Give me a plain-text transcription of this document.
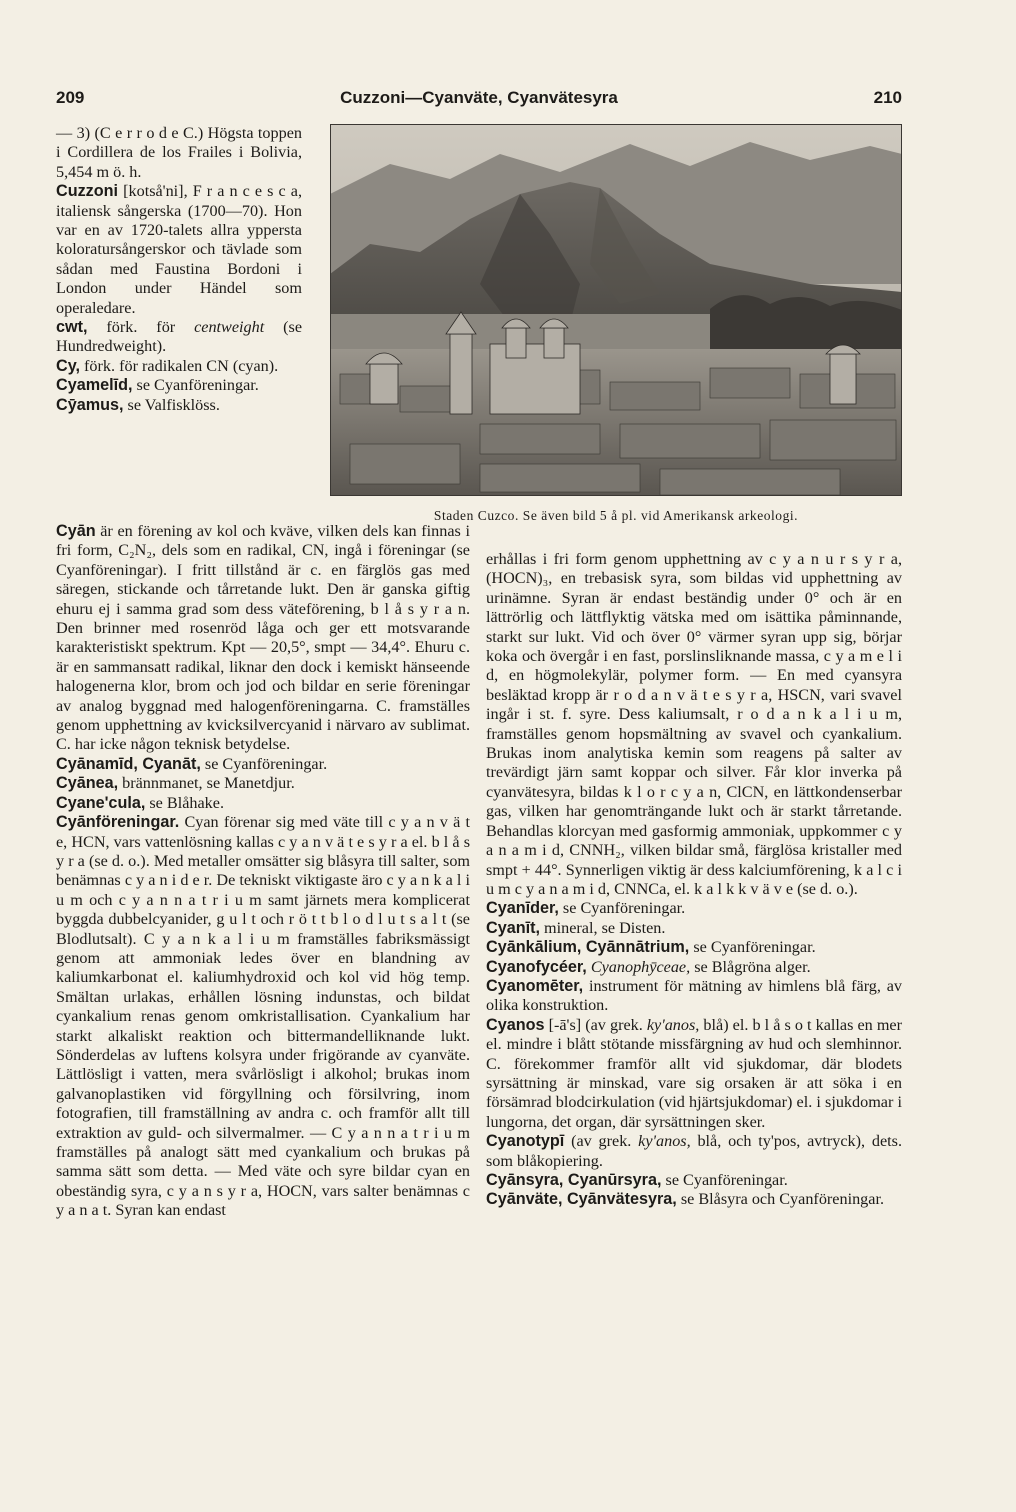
209	Cuzzoni—Cyanväte, Cyanvätesyra	210

— 3) (C e r r o d e C.) Högsta toppen i Cordillera de los Frailes i Bolivia, 5,454 m ö. h.

Cuzzoni [kotså'ni], F r a n c e s c a, italiensk sångerska (1700—70). Hon var en av 1720-talets allra yppersta koloratursångerskor och tävlade som sådan med Faustina Bordoni i London under Händel som operaledare.

cwt, förk. för centweight (se Hundredweight).

Cy, förk. för radikalen CN (cyan).

Cyamelīd, se Cyanföreningar.

Cȳamus, se Valfisklöss.

Staden Cuzco. Se även bild 5 å pl. vid Amerikansk arkeologi.

Cyān är en förening av kol och kväve, vilken dels kan finnas i fri form, C₂N₂, dels som en radikal, CN, ingå i föreningar (se Cyanföreningar). I fritt tillstånd är c. en färglös gas med säregen, stickande och tårretande lukt. Den är ganska giftig ehuru ej i samma grad som dess väteförening, b l å s y r a n. Den brinner med rosenröd låga och ger ett motsvarande karakteristiskt spektrum. Kpt — 20,5°, smpt — 34,4°. Ehuru c. är en sammansatt radikal, liknar den dock i kemiskt hänseende halogenerna klor, brom och jod och bildar en serie föreningar av analog byggnad med halogenföreningarna. C. framställes genom upphettning av kvicksilvercyanid i närvaro av sublimat. C. har icke någon teknisk betydelse.

Cyānamīd, Cyanāt, se Cyanföreningar.

Cyānea, brännmanet, se Manetdjur.

Cyane'cula, se Blåhake.

Cyānföreningar. Cyan förenar sig med väte till c y a n v ä t e, HCN, vars vattenlösning kallas c y a n v ä t e s y r a el. b l å s y r a (se d. o.). Med metaller omsätter sig blåsyra till salter, som benämnas c y a n i d e r. De tekniskt viktigaste äro c y a n k a l i u m och c y a n n a t r i u m samt järnets mera komplicerat byggda dubbelcyanider, g u l t och r ö t t b l o d l u t s a l t (se Blodlutsalt). C y a n k a l i u m framställes fabriksmässigt genom att ammoniak ledes över en blandning av kaliumkarbonat el. kaliumhydroxid och kol vid hög temp. Smältan urlakas, erhållen lösning indunstas, och bildat cyankalium renas genom omkristallisation. Cyankalium har starkt alkaliskt reaktion och bittermandelliknande lukt. Sönderdelas av luftens kolsyra under frigörande av cyanväte. Lättlösligt i vatten, mera svårlösligt i alkohol; brukas inom galvanoplastiken vid förgyllning och försilvring, inom fotografien, till framställning av andra c. och framför allt till extraktion av guld- och silvermalmer. — C y a n n a t r i u m framställes på analogt sätt med cyankalium och brukas på samma sätt som detta. — Med väte och syre bildar cyan en obeständig syra, c y a n s y r a, HOCN, vars salter benämnas c y a n a t. Syran kan endast

erhållas i fri form genom upphettning av c y a n u r s y r a, (HOCN)₃, en trebasisk syra, som bildas vid upphettning av urinämne. Syran är endast beständig under 0° och är en lättrörlig och lättflyktig vätska med om isättika påminnande, starkt sur lukt. Vid och över 0° värmer syran upp sig, börjar koka och övergår i en fast, porslinsliknande massa, c y a m e l i d, en högmolekylär, polymer form. — En med cyansyra besläktad kropp är r o d a n v ä t e s y r a, HSCN, vari svavel ingår i st. f. syre. Dess kaliumsalt, r o d a n k a l i u m, framställes genom hopsmältning av svavel och cyankalium. Brukas inom analytiska kemin som reagens på salter av trevärdigt järn samt koppar och silver. Får klor inverka på cyanvätesyra, bildas k l o r c y a n, ClCN, en lättkondenserbar gas, vilken har genomträngande lukt och är starkt tårretande. Behandlas klorcyan med gasformig ammoniak, uppkommer c y a n a m i d, CNNH₂, vilken bildar små, färglösa kristaller med smpt + 44°. Synnerligen viktig är dess kalciumförening, k a l c i u m c y a n a m i d, CNNCa, el. k a l k k v ä v e (se d. o.).

Cyanīder, se Cyanföreningar.

Cyanīt, mineral, se Disten.

Cyānkālium, Cyānnātrium, se Cyanföreningar.

Cyanofycéer, Cyanophȳceae, se Blågröna alger.

Cyanomēter, instrument för mätning av himlens blå färg, av olika konstruktion.

Cyanos [-ā's] (av grek. ky'anos, blå) el. b l å s o t kallas en mer el. mindre i blått stötande missfärgning av hud och slemhinnor. C. förekommer framför allt vid sjukdomar, där blodets syrsättning är minskad, vare sig orsaken är att söka i en försämrad blodcirkulation (vid hjärtsjukdomar) el. i sjukdomar i lungorna, det organ, där syrsättningen sker.

Cyanotypī (av grek. ky'anos, blå, och ty'pos, avtryck), dets. som blåkopiering.

Cyānsyra, Cyanūrsyra, se Cyanföreningar.

Cyānväte, Cyānvätesyra, se Blåsyra och Cyanföreningar.
